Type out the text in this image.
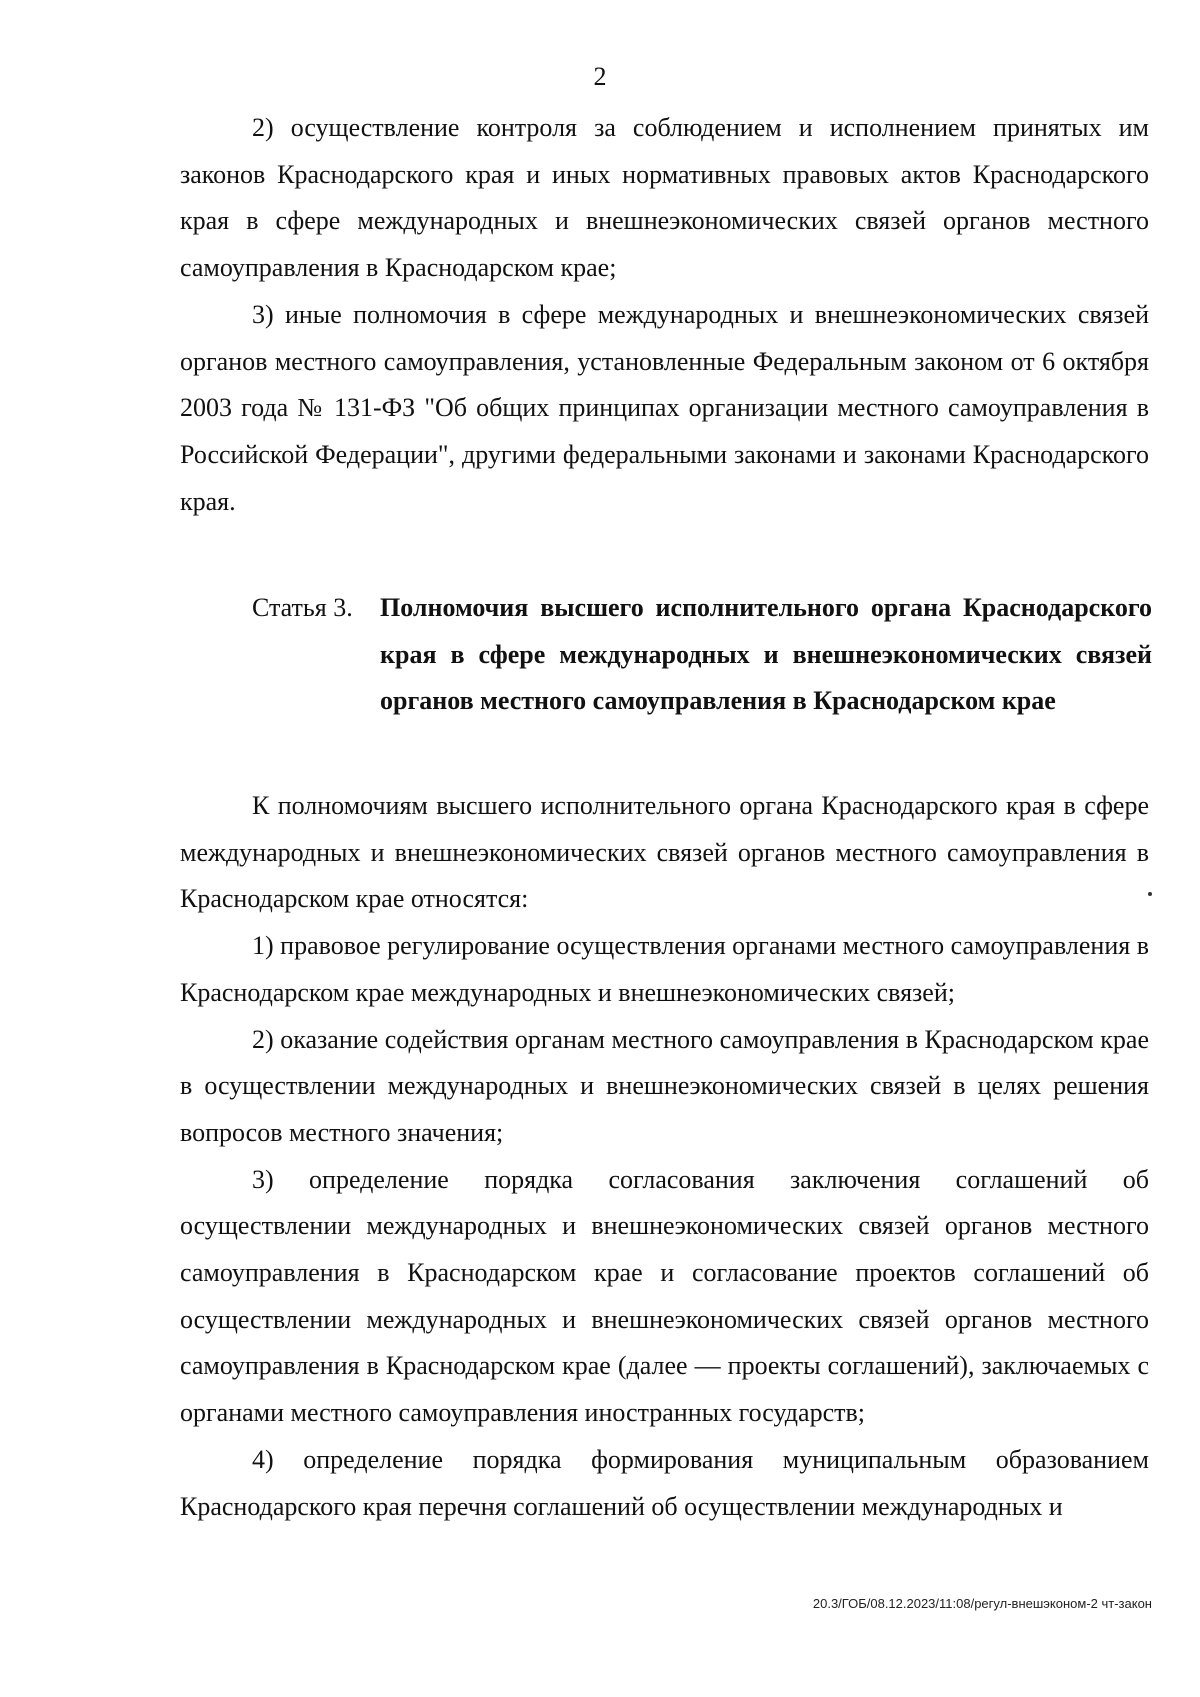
2

2) осуществление контроля за соблюдением и исполнением принятых им законов Краснодарского края и иных нормативных правовых актов Краснодарского края в сфере международных и внешнеэкономических связей органов местного самоуправления в Краснодарском крае;

3) иные полномочия в сфере международных и внешнеэкономических связей органов местного самоуправления, установленные Федеральным законом от 6 октября 2003 года № 131-ФЗ "Об общих принципах организации местного самоуправления в Российской Федерации", другими федеральными законами и законами Краснодарского края.

Статья 3. Полномочия высшего исполнительного органа Краснодарского края в сфере международных и внешнеэкономических связей органов местного самоуправления в Краснодарском крае

К полномочиям высшего исполнительного органа Краснодарского края в сфере международных и внешнеэкономических связей органов местного самоуправления в Краснодарском крае относятся:

1) правовое регулирование осуществления органами местного самоуправления в Краснодарском крае международных и внешнеэкономических связей;

2) оказание содействия органам местного самоуправления в Краснодарском крае в осуществлении международных и внешнеэкономических связей в целях решения вопросов местного значения;

3) определение порядка согласования заключения соглашений об осуществлении международных и внешнеэкономических связей органов местного самоуправления в Краснодарском крае и согласование проектов соглашений об осуществлении международных и внешнеэкономических связей органов местного самоуправления в Краснодарском крае (далее — проекты соглашений), заключаемых с органами местного самоуправления иностранных государств;

4) определение порядка формирования муниципальным образованием Краснодарского края перечня соглашений об осуществлении международных и

20.3/ГОБ/08.12.2023/11:08/регул-внешэконом-2 чт-закон
